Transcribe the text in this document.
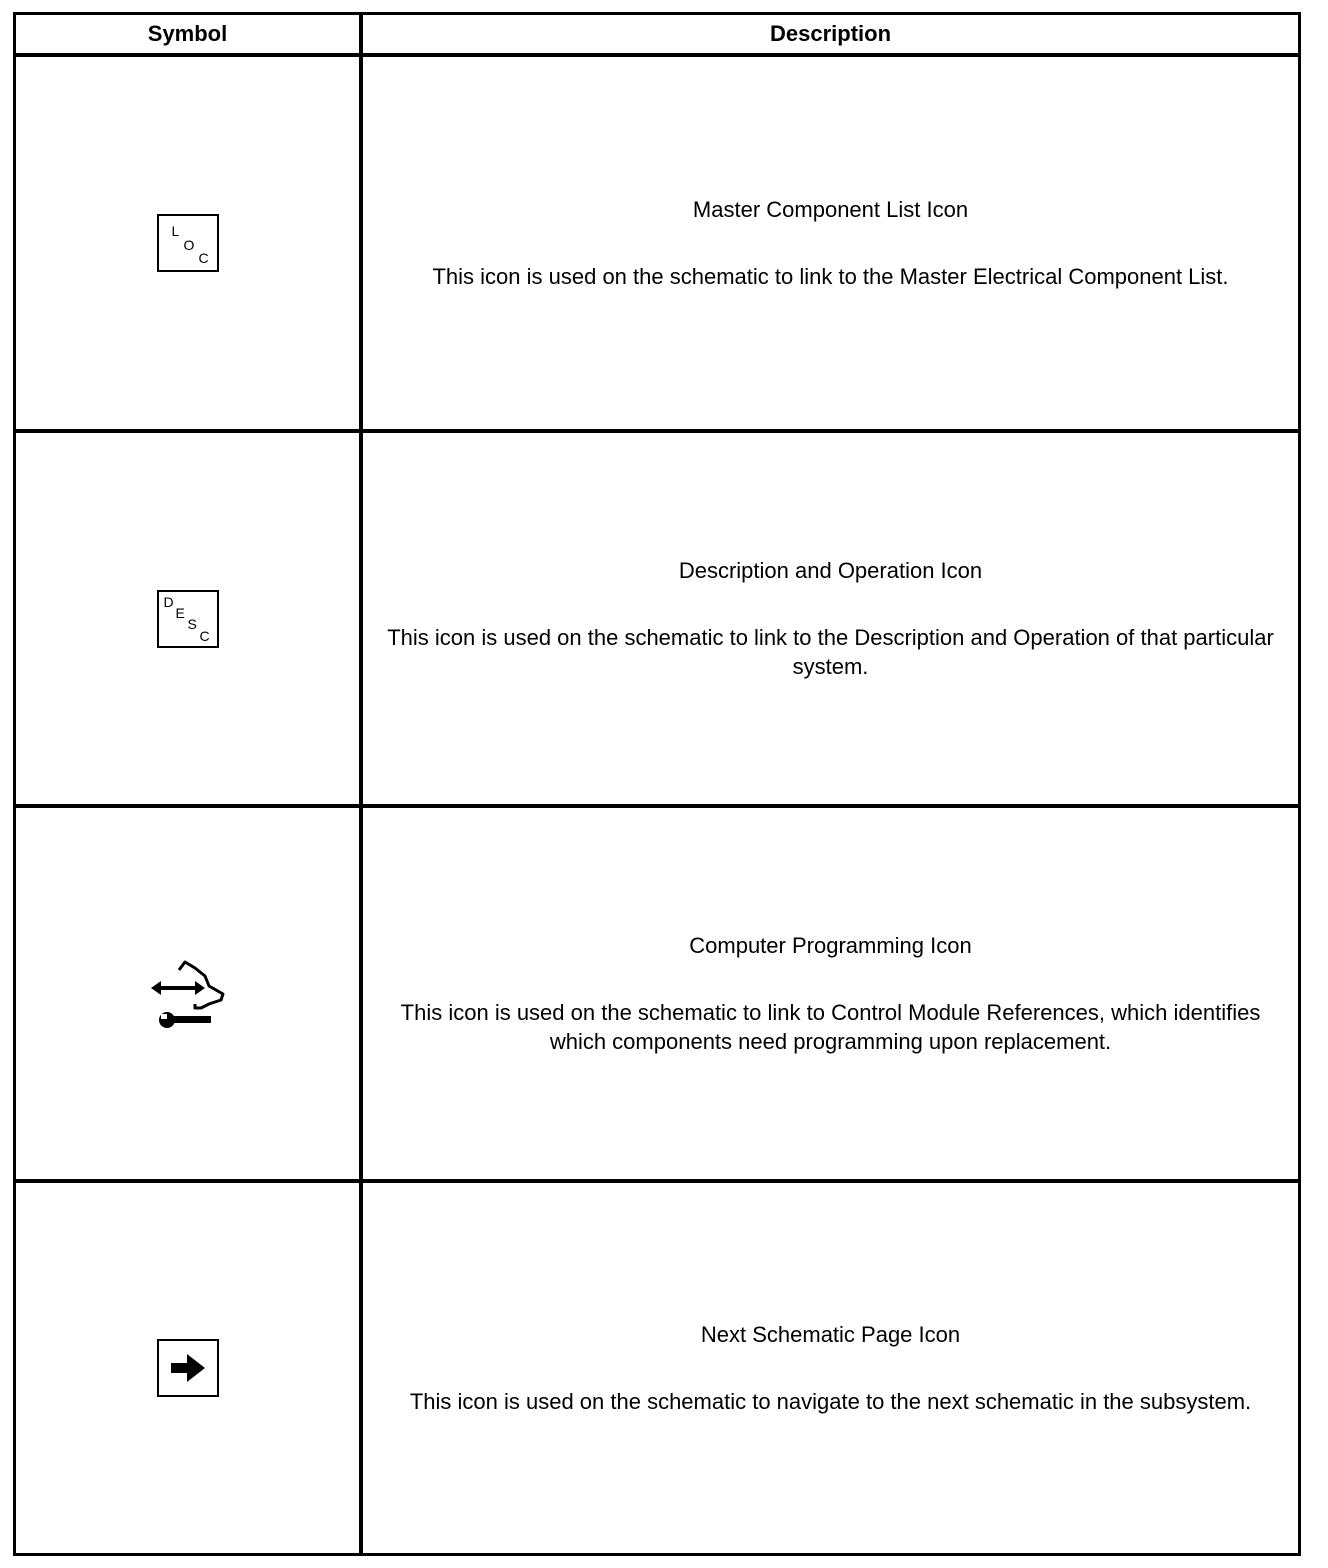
Symbol	Description
L
O
C
Master Component List Icon
This icon is used on the schematic to link to the Master Electrical Component List.
D
E
S
C
Description and Operation Icon
This icon is used on the schematic to link to the Description and Operation of that particular system.
Computer Programming Icon
This icon is used on the schematic to link to Control Module References, which identifies which components need programming upon replacement.
Next Schematic Page Icon
This icon is used on the schematic to navigate to the next schematic in the subsystem.
